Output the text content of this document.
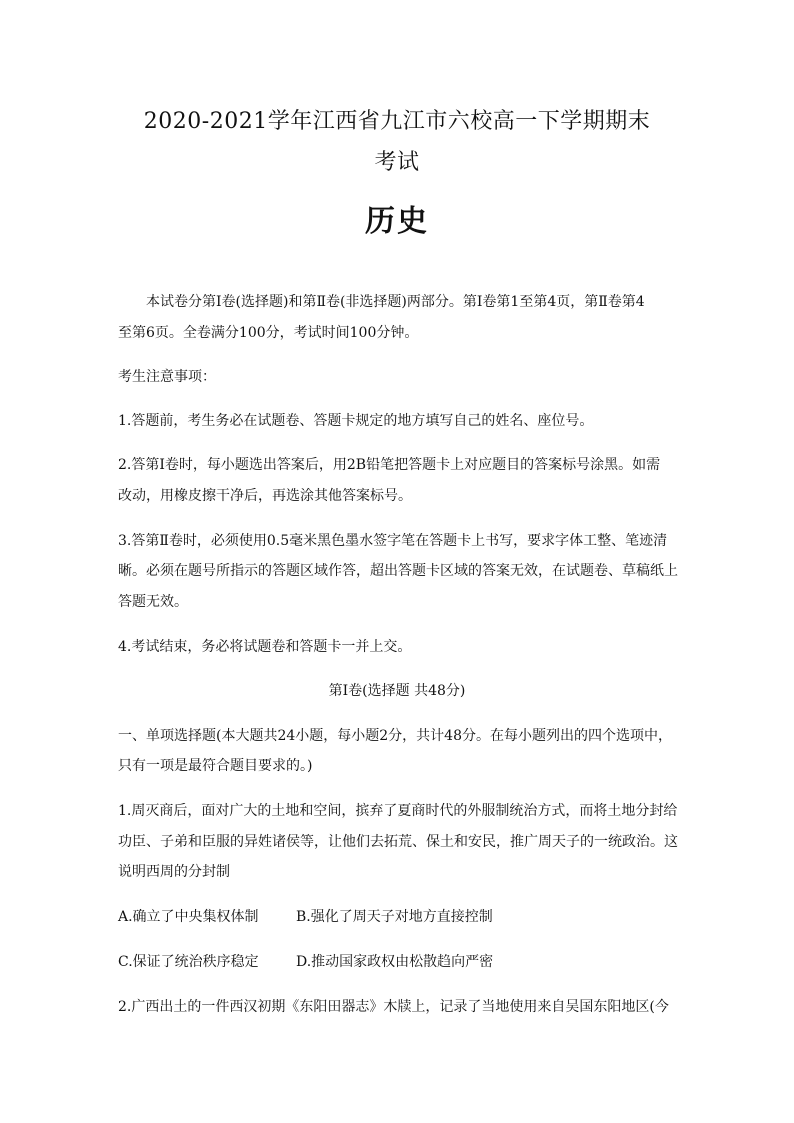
2020-2021学年江西省九江市六校高一下学期期末
考试
历史
本试卷分第Ⅰ卷(选择题)和第Ⅱ卷(非选择题)两部分。第Ⅰ卷第1至第4页，第Ⅱ卷第4
至第6页。全卷满分100分，考试时间100分钟。
考生注意事项：
1.答题前，考生务必在试题卷、答题卡规定的地方填写自己的姓名、座位号。
2.答第Ⅰ卷时，每小题选出答案后，用2B铅笔把答题卡上对应题目的答案标号涂黑。如需
改动，用橡皮擦干净后，再选涂其他答案标号。
3.答第Ⅱ卷时，必须使用0.5毫米黑色墨水签字笔在答题卡上书写，要求字体工整、笔迹清
晰。必须在题号所指示的答题区域作答，超出答题卡区域的答案无效，在试题卷、草稿纸上
答题无效。
4.考试结束，务必将试题卷和答题卡一并上交。
第Ⅰ卷(选择题 共48分)
一、单项选择题(本大题共24小题，每小题2分，共计48分。在每小题列出的四个选项中，
只有一项是最符合题目要求的。)
1.周灭商后，面对广大的土地和空间，摈弃了夏商时代的外服制统治方式，而将土地分封给
功臣、子弟和臣服的异姓诸侯等，让他们去拓荒、保土和安民，推广周天子的一统政治。这
说明西周的分封制
A.确立了中央集权体制	B.强化了周天子对地方直接控制
C.保证了统治秩序稳定	D.推动国家政权由松散趋向严密
2.广西出土的一件西汉初期《东阳田器志》木牍上，记录了当地使用来自吴国东阳地区(今
